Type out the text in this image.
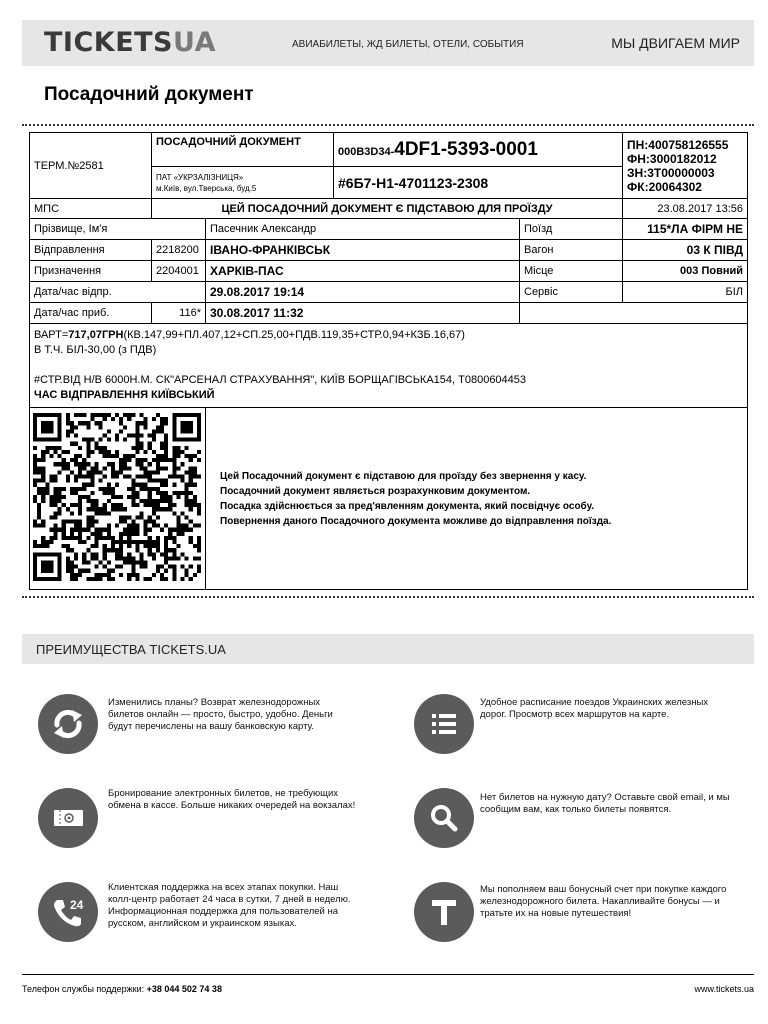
TICKETSUA	АВИАБИЛЕТЫ, ЖД БИЛЕТЫ, ОТЕЛИ, СОБЫТИЯ	МЫ ДВИГАЕМ МИР
Посадочний документ
ТЕРМ.№2581	ПОСАДОЧНИЙ ДОКУМЕНТ		000B3D34-4DF1-5393-0001		ПН:400758126555
ФН:3000182012
ЗН:3Т00000003
ФК:20064302

	ПАТ «УКРЗАЛІЗНИЦЯ»
м.Київ, вул.Тверська, буд.5		#6Б7-Н1-4701123-2308		
МПС	ЦЕЙ ПОСАДОЧНИЙ ДОКУМЕНТ Є ПІДСТАВОЮ ДЛЯ ПРОЇЗДУ				23.08.2017 13:56
Прізвище, Ім'я		Пасечник Александр		Поїзд	115*ЛА ФІРМ НЕ
Відправлення	2218200	ІВАНО-ФРАНКІВСЬК		Вагон	03 К ПІВД
Призначення	2204001	ХАРКІВ-ПАС		Місце	003 Повний
Дата/час відпр.		29.08.2017 19:14		Сервіс	БІЛ
Дата/час приб.	116*	30.08.2017 11:32			

ВАРТ=717,07ГРН(КВ.147,99+ПЛ.407,12+СП.25,00+ПДВ.119,35+СТР.0,94+КЗБ.16,67)
В Т.Ч. БІЛ-30,00 (з ПДВ)
#СТР.ВІД Н/В 6000Н.М. СК"АРСЕНАЛ СТРАХУВАННЯ", КИЇВ БОРЩАГІВСЬКА154, Т0800604453
ЧАС ВІДПРАВЛЕННЯ КИЇВСЬКИЙ					

Цей Посадочний документ є підставою для проїзду без звернення у касу.
Посадочний документ являється розрахунковим документом.
Посадка здійснюється за пред'явленням документа, який посвідчує особу.
Повернення даного Посадочного документа можливе до відправлення поїзда.			
ПРЕИМУЩЕСТВА TICKETS.UA
Изменились планы? Возврат железнодорожных билетов онлайн — просто, быстро, удобно. Деньги будут перечислены на вашу банковскую карту.
Удобное расписание поездов Украинских железных дорог. Просмотр всех маршрутов на карте.
Бронирование электронных билетов, не требующих обмена в кассе. Больше никаких очередей на вокзалах!
Нет билетов на нужную дату? Оставьте свой email, и мы сообщим вам, как только билеты появятся.
24
Клиентская поддержка на всех этапах покупки. Наш колл-центр работает 24 часа в сутки, 7 дней в неделю. Информационная поддержка для пользователей на русском, английском и украинском языках.
Мы пополняем ваш бонусный счет при покупке каждого железнодорожного билета. Накапливайте бонусы — и тратьте их на новые путешествия!
Телефон службы поддержки: +38 044 502 74 38	www.tickets.ua
